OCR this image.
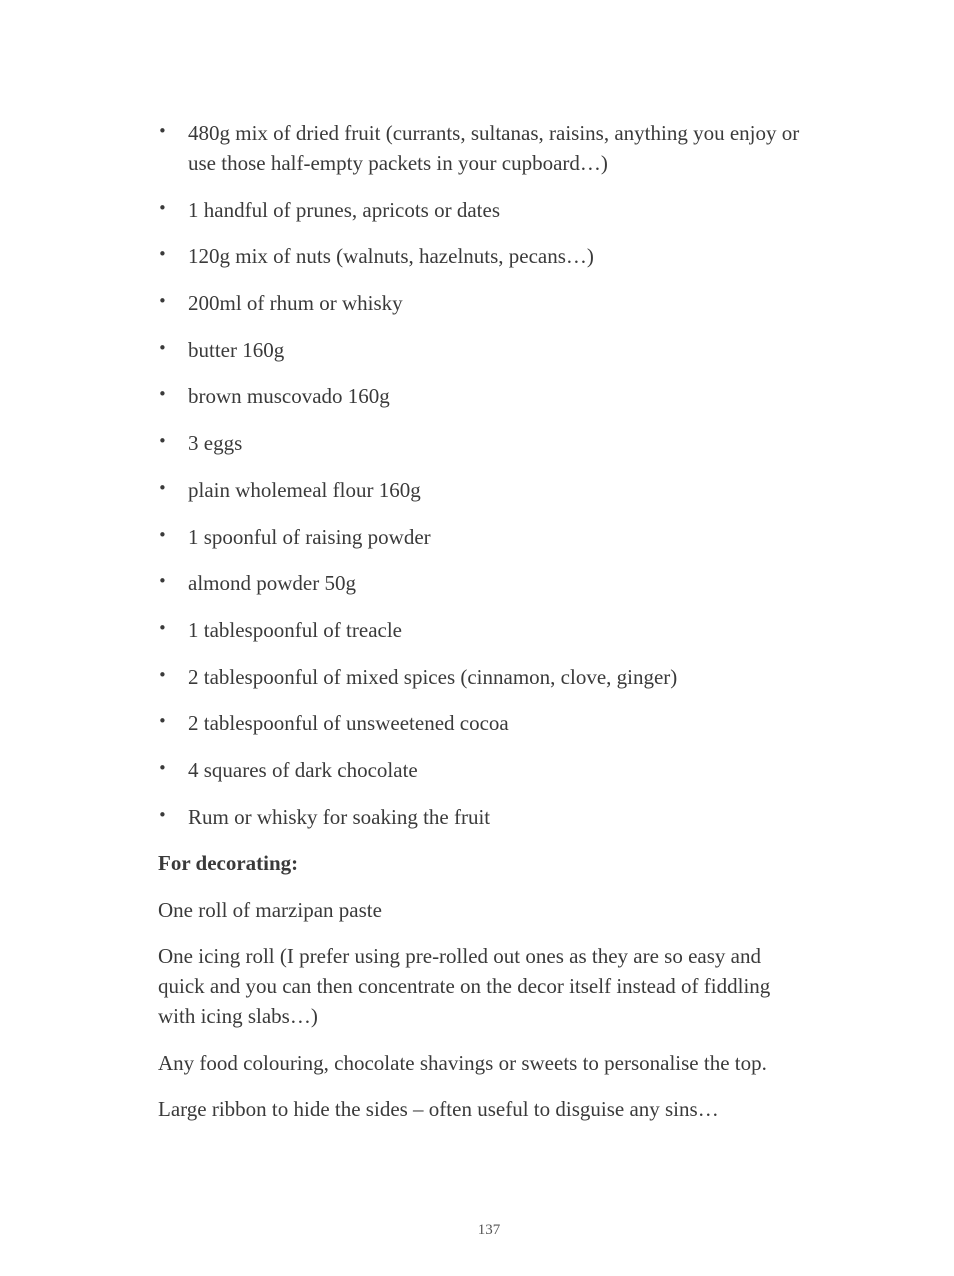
• 480g mix of dried fruit (currants, sultanas, raisins, anything you enjoy or use those half-empty packets in your cupboard…)
• 1 handful of prunes, apricots or dates
• 120g mix of nuts (walnuts, hazelnuts, pecans…)
• 200ml of rhum or whisky
• butter 160g
• brown muscovado 160g
• 3 eggs
• plain wholemeal flour 160g
• 1 spoonful of raising powder
• almond powder 50g
• 1 tablespoonful of treacle
• 2 tablespoonful of mixed spices (cinnamon, clove, ginger)
• 2 tablespoonful of unsweetened cocoa
• 4 squares of dark chocolate
• Rum or whisky for soaking the fruit

For decorating:

One roll of marzipan paste

One icing roll (I prefer using pre-rolled out ones as they are so easy and quick and you can then concentrate on the decor itself instead of fiddling with icing slabs…)

Any food colouring, chocolate shavings or sweets to personalise the top.

Large ribbon to hide the sides – often useful to disguise any sins…

137
